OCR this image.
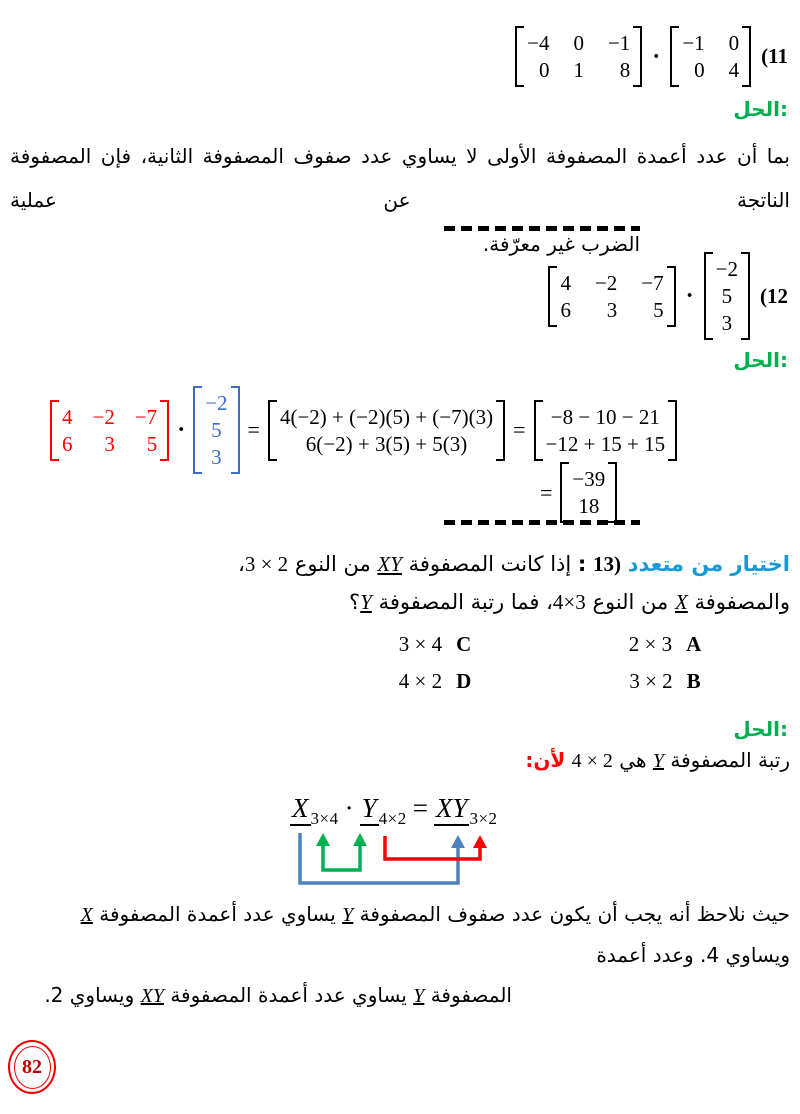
−4 0 −1
0 1 8
·
−1 0
0 4
(11
الحل:
بما أن عدد أعمدة المصفوفة الأولى لا يساوي عدد صفوف المصفوفة الثانية، فإن المصفوفة الناتجة عن عملية
الضرب غير معرّفة.
4 −2 −7
6 3 5
·
−2
5
3
(12
الحل:
4 −2 −7
6 3 5
·
−2
5
3
=
4(−2) + (−2)(5) + (−7)(3)
6(−2) + 3(5) + 5(3)
=
−8 − 10 − 21
−12 + 15 + 15
=
−39
18
اختيار من متعدد 13) : إذا كانت المصفوفة XY من النوع 3 × 2،
والمصفوفة X من النوع 4×3، فما رتبة المصفوفة Y؟
3 × 4 C	2 × 3 A
4 × 2 D	3 × 2 B
الحل:
رتبة المصفوفة Y هي 4 × 2 لأن:
X $_{3\times 4}$ · Y $_{4\times 2}$ = XY $_{3\times 2}$
حيث نلاحظ أنه يجب أن يكون عدد صفوف المصفوفة Y يساوي عدد أعمدة المصفوفة X ويساوي 4. وعدد أعمدة
المصفوفة Y يساوي عدد أعمدة المصفوفة XY ويساوي 2.
82
